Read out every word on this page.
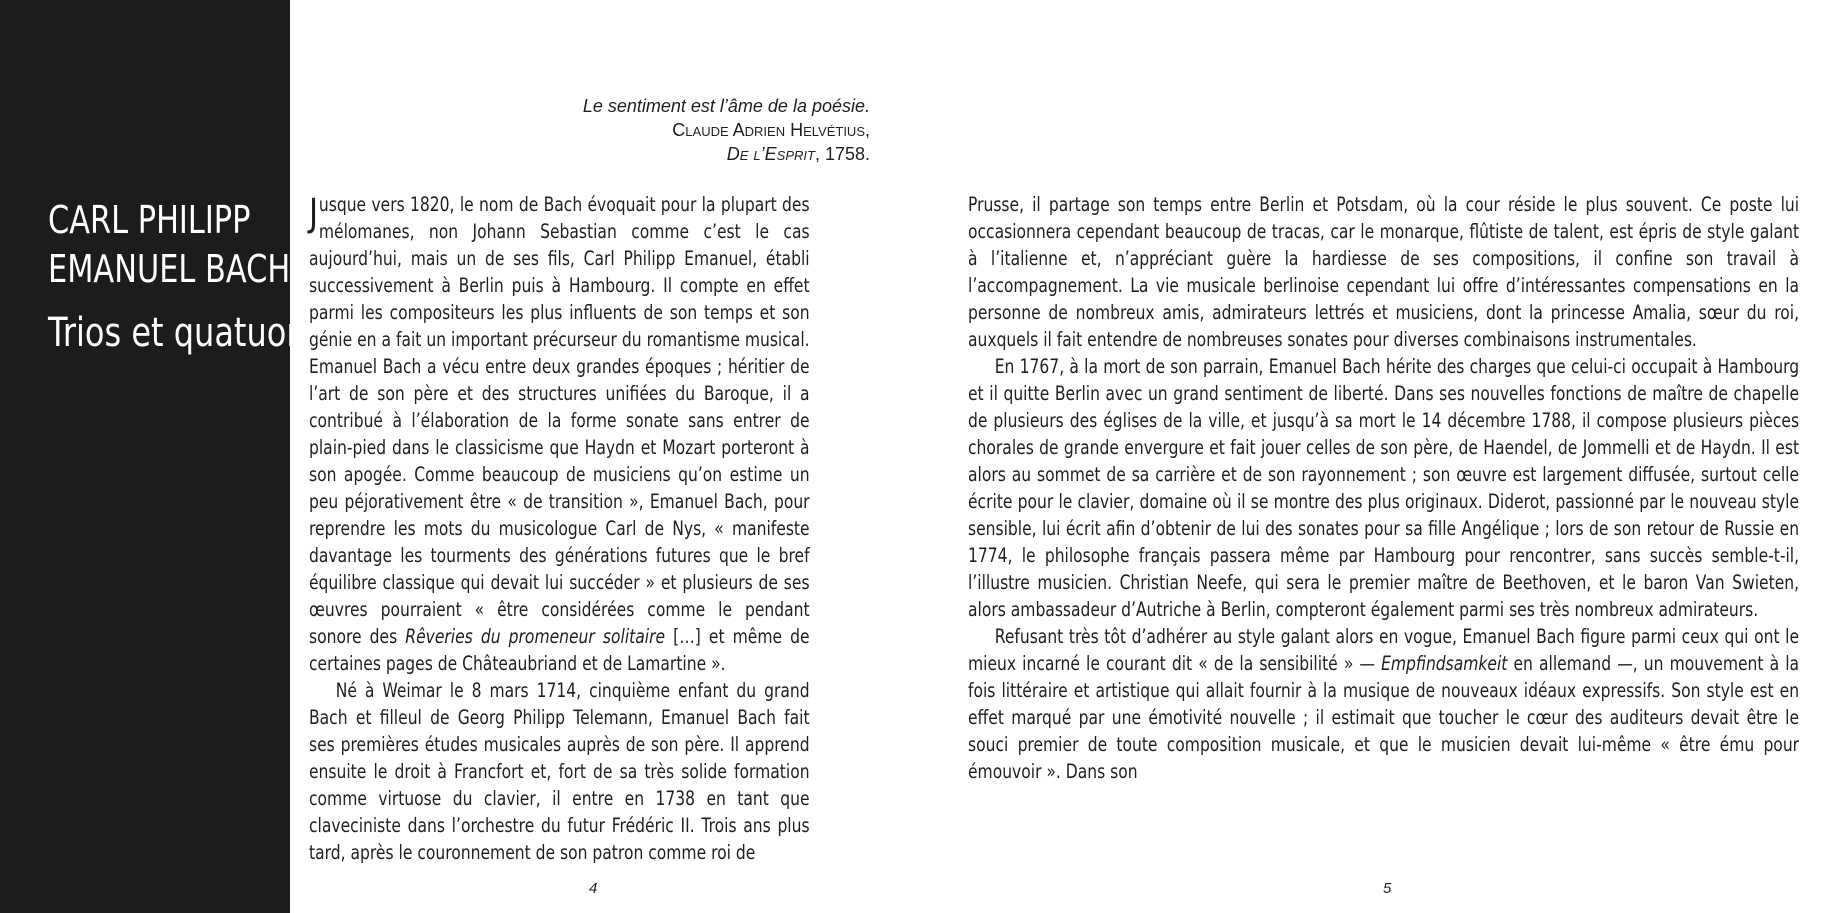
CARL PHILIPP
EMANUEL BACH
Trios et quatuors
Le sentiment est l’âme de la poésie.
Claude Adrien Helvétius,
De l’Esprit, 1758.

Jusque vers 1820, le nom de Bach évoquait pour la plupart des mélomanes, non Johann Sebastian comme c’est le cas aujourd’hui, mais un de ses fils, Carl Philipp Emanuel, établi successivement à Berlin puis à Hambourg. Il compte en effet parmi les compositeurs les plus influents de son temps et son génie en a fait un important précurseur du romantisme musical. Emanuel Bach a vécu entre deux grandes époques ; héritier de l’art de son père et des structures unifiées du Baroque, il a contribué à l’élaboration de la forme sonate sans entrer de plain-pied dans le classicisme que Haydn et Mozart porteront à son apogée. Comme beaucoup de musiciens qu’on estime un peu péjorativement être « de transition », Emanuel Bach, pour reprendre les mots du musicologue Carl de Nys, « manifeste davantage les tourments des générations futures que le bref équilibre classique qui devait lui succéder » et plusieurs de ses œuvres pourraient « être considérées comme le pendant sonore des Rêveries du promeneur solitaire […] et même de certaines pages de Châteaubriand et de Lamartine ».

Né à Weimar le 8 mars 1714, cinquième enfant du grand Bach et filleul de Georg Philipp Telemann, Emanuel Bach fait ses premières études musicales auprès de son père. Il apprend ensuite le droit à Francfort et, fort de sa très solide formation comme virtuose du clavier, il entre en 1738 en tant que claveciniste dans l’orchestre du futur Frédéric II. Trois ans plus tard, après le couronnement de son patron comme roi de

4

Prusse, il partage son temps entre Berlin et Potsdam, où la cour réside le plus souvent. Ce poste lui occasionnera cependant beaucoup de tracas, car le monarque, flûtiste de talent, est épris de style galant à l’italienne et, n’appréciant guère la hardiesse de ses compositions, il confine son travail à l’accompagnement. La vie musicale berlinoise cependant lui offre d’intéressantes compensations en la personne de nombreux amis, admirateurs lettrés et musiciens, dont la princesse Amalia, sœur du roi, auxquels il fait entendre de nombreuses sonates pour diverses combinaisons instrumentales.

En 1767, à la mort de son parrain, Emanuel Bach hérite des charges que celui-ci occupait à Hambourg et il quitte Berlin avec un grand sentiment de liberté. Dans ses nouvelles fonctions de maître de chapelle de plusieurs des églises de la ville, et jusqu’à sa mort le 14 décembre 1788, il compose plusieurs pièces chorales de grande envergure et fait jouer celles de son père, de Haendel, de Jommelli et de Haydn. Il est alors au sommet de sa carrière et de son rayonnement ; son œuvre est largement diffusée, surtout celle écrite pour le clavier, domaine où il se montre des plus originaux. Diderot, passionné par le nouveau style sensible, lui écrit afin d’obtenir de lui des sonates pour sa fille Angélique ; lors de son retour de Russie en 1774, le philosophe français passera même par Hambourg pour rencontrer, sans succès semble-t-il, l’illustre musicien. Christian Neefe, qui sera le premier maître de Beethoven, et le baron Van Swieten, alors ambassadeur d’Autriche à Berlin, compteront également parmi ses très nombreux admirateurs.

Refusant très tôt d’adhérer au style galant alors en vogue, Emanuel Bach figure parmi ceux qui ont le mieux incarné le courant dit « de la sensibilité » — Empfindsamkeit en allemand —, un mouvement à la fois littéraire et artistique qui allait fournir à la musique de nouveaux idéaux expressifs. Son style est en effet marqué par une émotivité nouvelle ; il estimait que toucher le cœur des auditeurs devait être le souci premier de toute composition musicale, et que le musicien devait lui-même « être ému pour émouvoir ». Dans son

5
